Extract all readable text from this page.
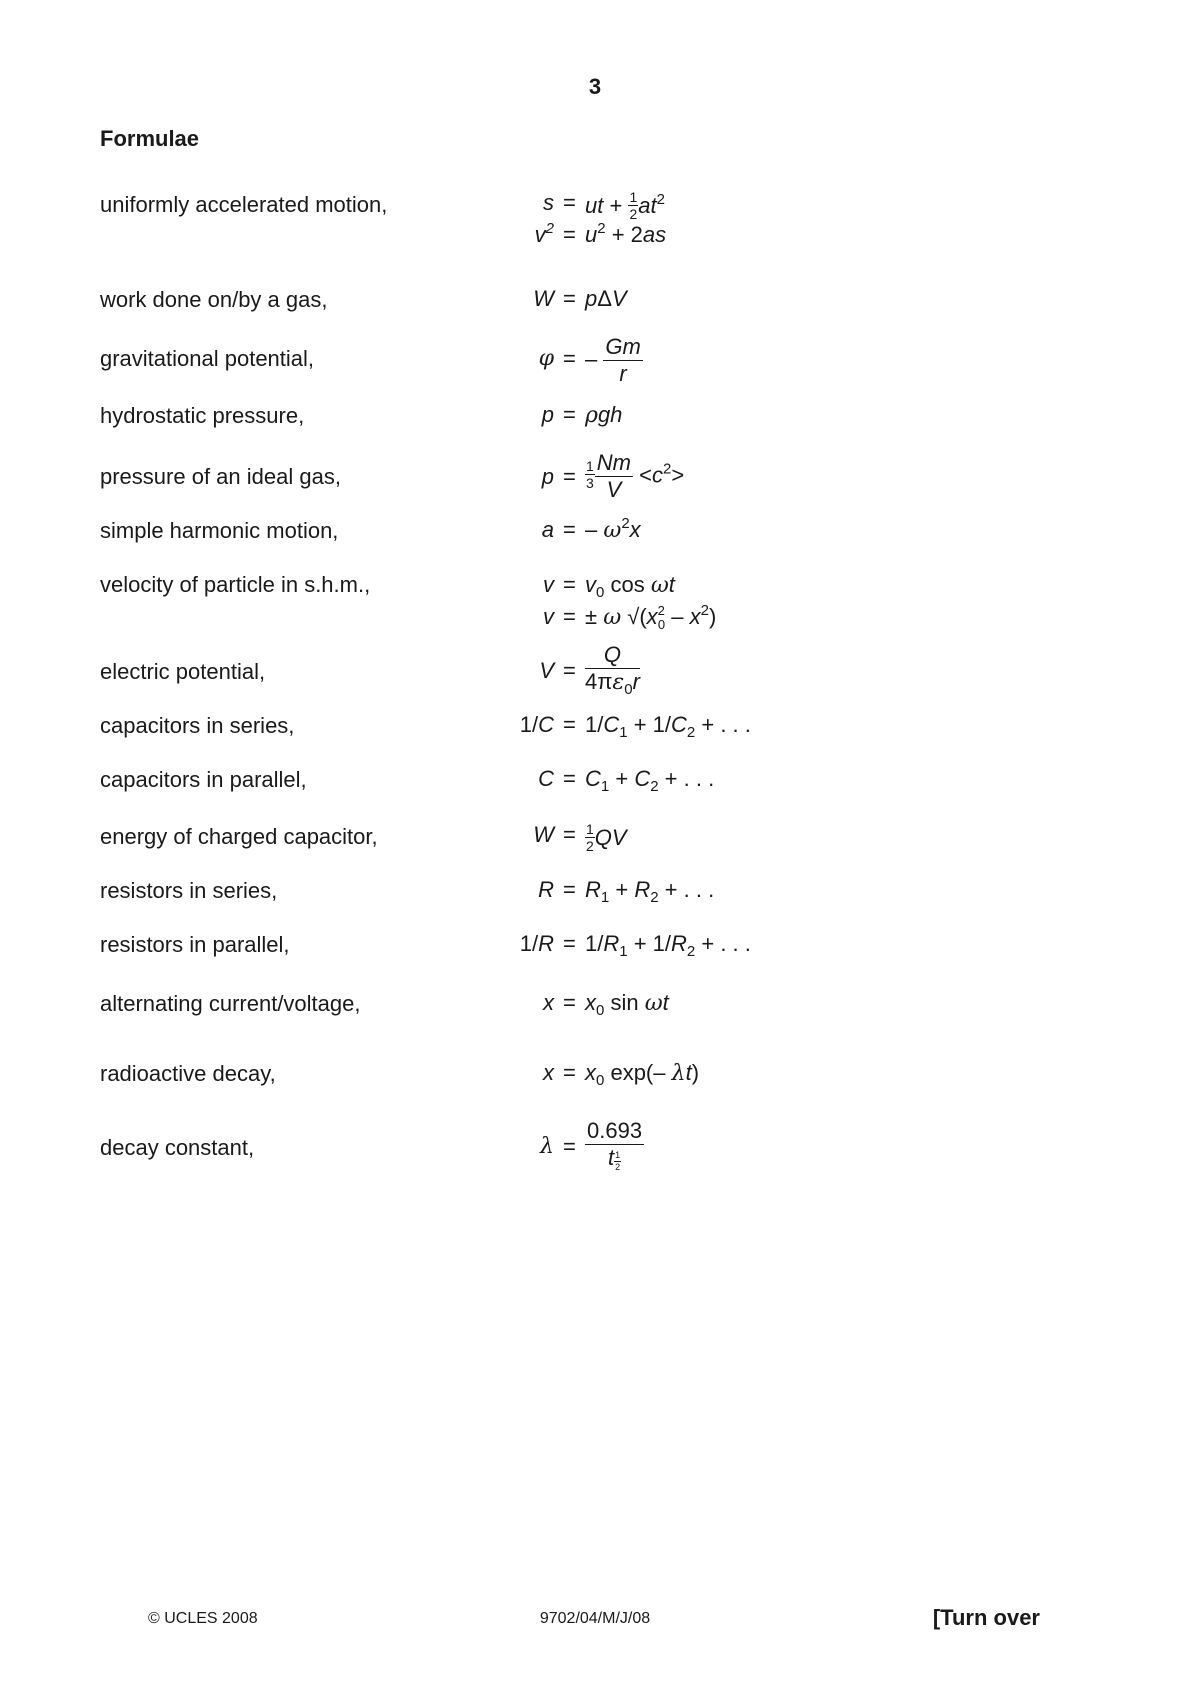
3
Formulae
uniformly accelerated motion,
work done on/by a gas,
gravitational potential,
hydrostatic pressure,
pressure of an ideal gas,
simple harmonic motion,
velocity of particle in s.h.m.,
electric potential,
capacitors in series,
capacitors in parallel,
energy of charged capacitor,
resistors in series,
resistors in parallel,
alternating current/voltage,
radioactive decay,
decay constant,
s = ut + $\frac{1}{2} at^2$
$v^2 = u^2 + 2as$
W = pΔV
φ = – $\frac{Gm}{r}$
p = ρgh
$p = \frac{1}{3} \frac{Nm}{V} <c^2>$
a = – $\omega^2x$
$v = v_0$ cos ωt
v = ± ω $√(x^2_0 - x^2)$
$V = \frac{Q}{4\pi\varepsilon_0r}$
$1/C = 1/C_1 + 1/C_2$ + . . .
$C = C_1 + C_2$ + . . .
$W = \frac{1}{2}$ QV
$R = R_1 + R_2$ + . . .
$1/R = 1/R_1 + 1/R_2$ + . . .
$x = x_0$ sin ωt
$x = x_0$ exp(– λt)
λ = 0.693
t $_{\frac{1}{2}}$
© UCLES 2008	9702/04/M/J/08	[Turn over
